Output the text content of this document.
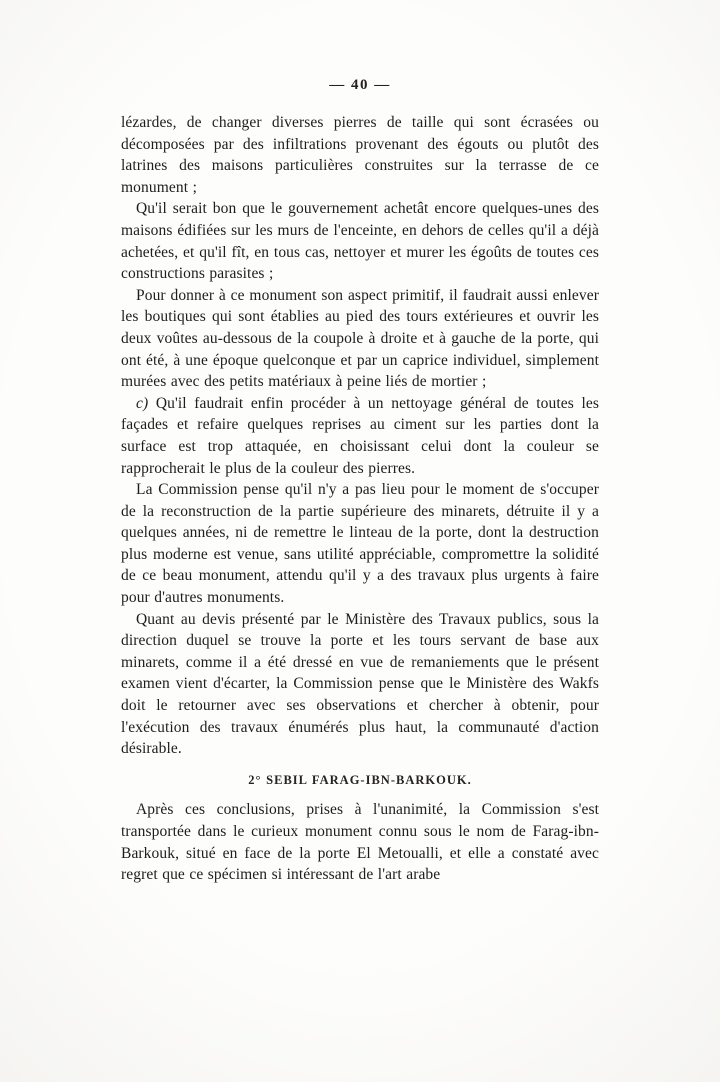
— 40 —

lézardes, de changer diverses pierres de taille qui sont écrasées ou décomposées par des infiltrations provenant des égouts ou plutôt des latrines des maisons particulières construites sur la terrasse de ce monument ;

Qu'il serait bon que le gouvernement achetât encore quelques-unes des maisons édifiées sur les murs de l'enceinte, en dehors de celles qu'il a déjà achetées, et qu'il fît, en tous cas, nettoyer et murer les égoûts de toutes ces constructions parasites ;

Pour donner à ce monument son aspect primitif, il faudrait aussi enlever les boutiques qui sont établies au pied des tours extérieures et ouvrir les deux voûtes au-dessous de la coupole à droite et à gauche de la porte, qui ont été, à une époque quelconque et par un caprice individuel, simplement murées avec des petits matériaux à peine liés de mortier ;

c) Qu'il faudrait enfin procéder à un nettoyage général de toutes les façades et refaire quelques reprises au ciment sur les parties dont la surface est trop attaquée, en choisissant celui dont la couleur se rapprocherait le plus de la couleur des pierres.

La Commission pense qu'il n'y a pas lieu pour le moment de s'occuper de la reconstruction de la partie supérieure des minarets, détruite il y a quelques années, ni de remettre le linteau de la porte, dont la destruction plus moderne est venue, sans utilité appréciable, compromettre la solidité de ce beau monument, attendu qu'il y a des travaux plus urgents à faire pour d'autres monuments.

Quant au devis présenté par le Ministère des Travaux publics, sous la direction duquel se trouve la porte et les tours servant de base aux minarets, comme il a été dressé en vue de remaniements que le présent examen vient d'écarter, la Commission pense que le Ministère des Wakfs doit le retourner avec ses observations et chercher à obtenir, pour l'exécution des travaux énumérés plus haut, la communauté d'action désirable.

2° SEBIL FARAG-IBN-BARKOUK.

Après ces conclusions, prises à l'unanimité, la Commission s'est transportée dans le curieux monument connu sous le nom de Farag-ibn-Barkouk, situé en face de la porte El Metoualli, et elle a constaté avec regret que ce spécimen si intéressant de l'art arabe
